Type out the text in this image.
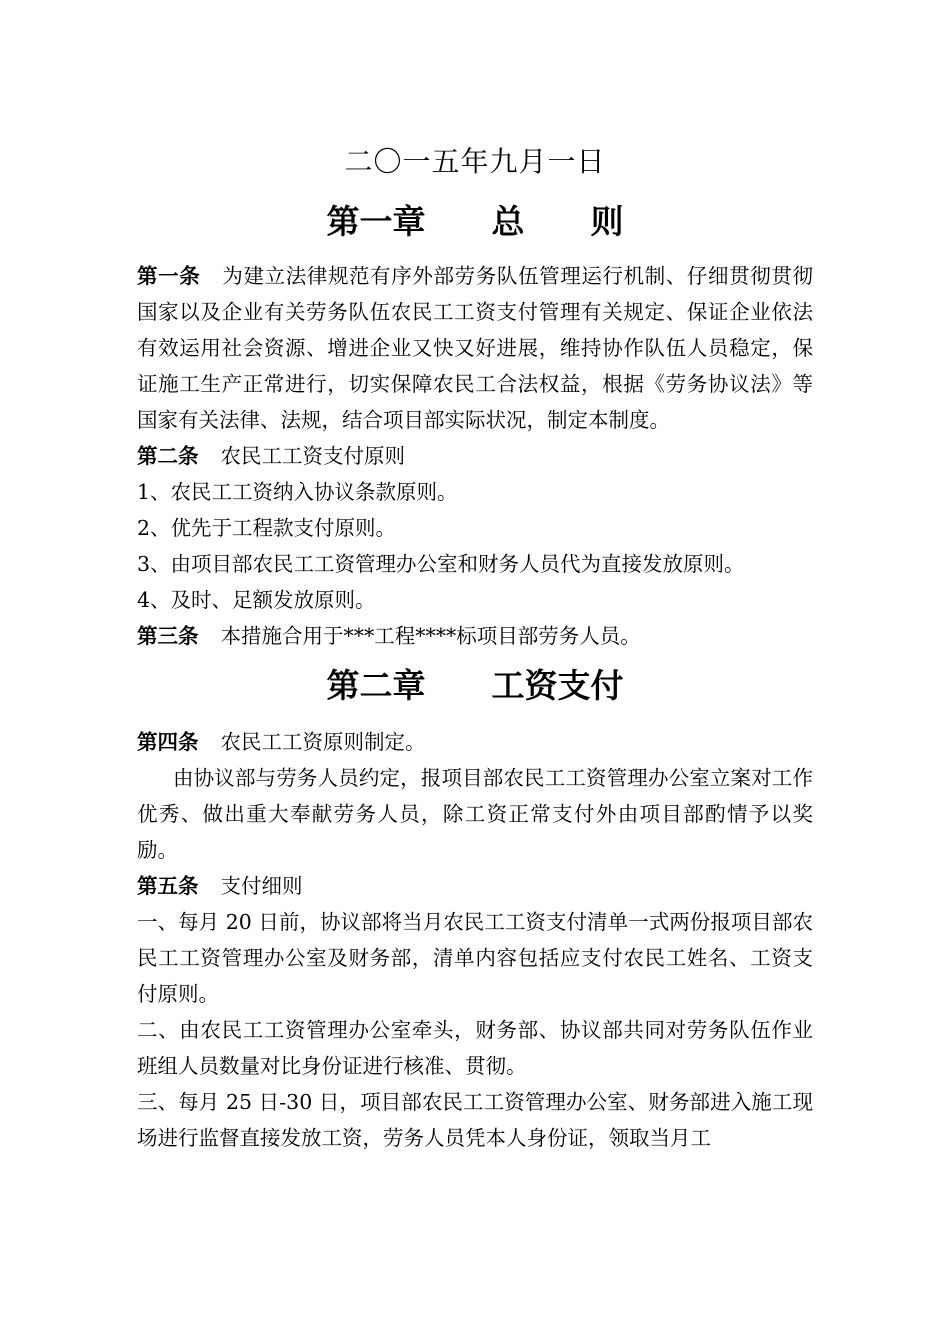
二〇一五年九月一日
第一章　　总　　则

第一条 为建立法律规范有序外部劳务队伍管理运行机制、仔细贯彻贯彻国家以及企业有关劳务队伍农民工工资支付管理有关规定、保证企业依法有效运用社会资源、增进企业又快又好进展，维持协作队伍人员稳定，保证施工生产正常进行，切实保障农民工合法权益，根据《劳务协议法》等国家有关法律、法规，结合项目部实际状况，制定本制度。

第二条 农民工工资支付原则

1、农民工工资纳入协议条款原则。

2、优先于工程款支付原则。

3、由项目部农民工工资管理办公室和财务人员代为直接发放原则。

4、及时、足额发放原则。

第三条 本措施合用于***工程****标项目部劳务人员。

第二章　　工资支付

第四条 农民工工资原则制定。

由协议部与劳务人员约定，报项目部农民工工资管理办公室立案对工作优秀、做出重大奉献劳务人员，除工资正常支付外由项目部酌情予以奖励。

第五条 支付细则

一、每月 20 日前，协议部将当月农民工工资支付清单一式两份报项目部农民工工资管理办公室及财务部，清单内容包括应支付农民工姓名、工资支付原则。

二、由农民工工资管理办公室牵头，财务部、协议部共同对劳务队伍作业班组人员数量对比身份证进行核准、贯彻。

三、每月 25 日-30 日，项目部农民工工资管理办公室、财务部进入施工现场进行监督直接发放工资，劳务人员凭本人身份证，领取当月工
